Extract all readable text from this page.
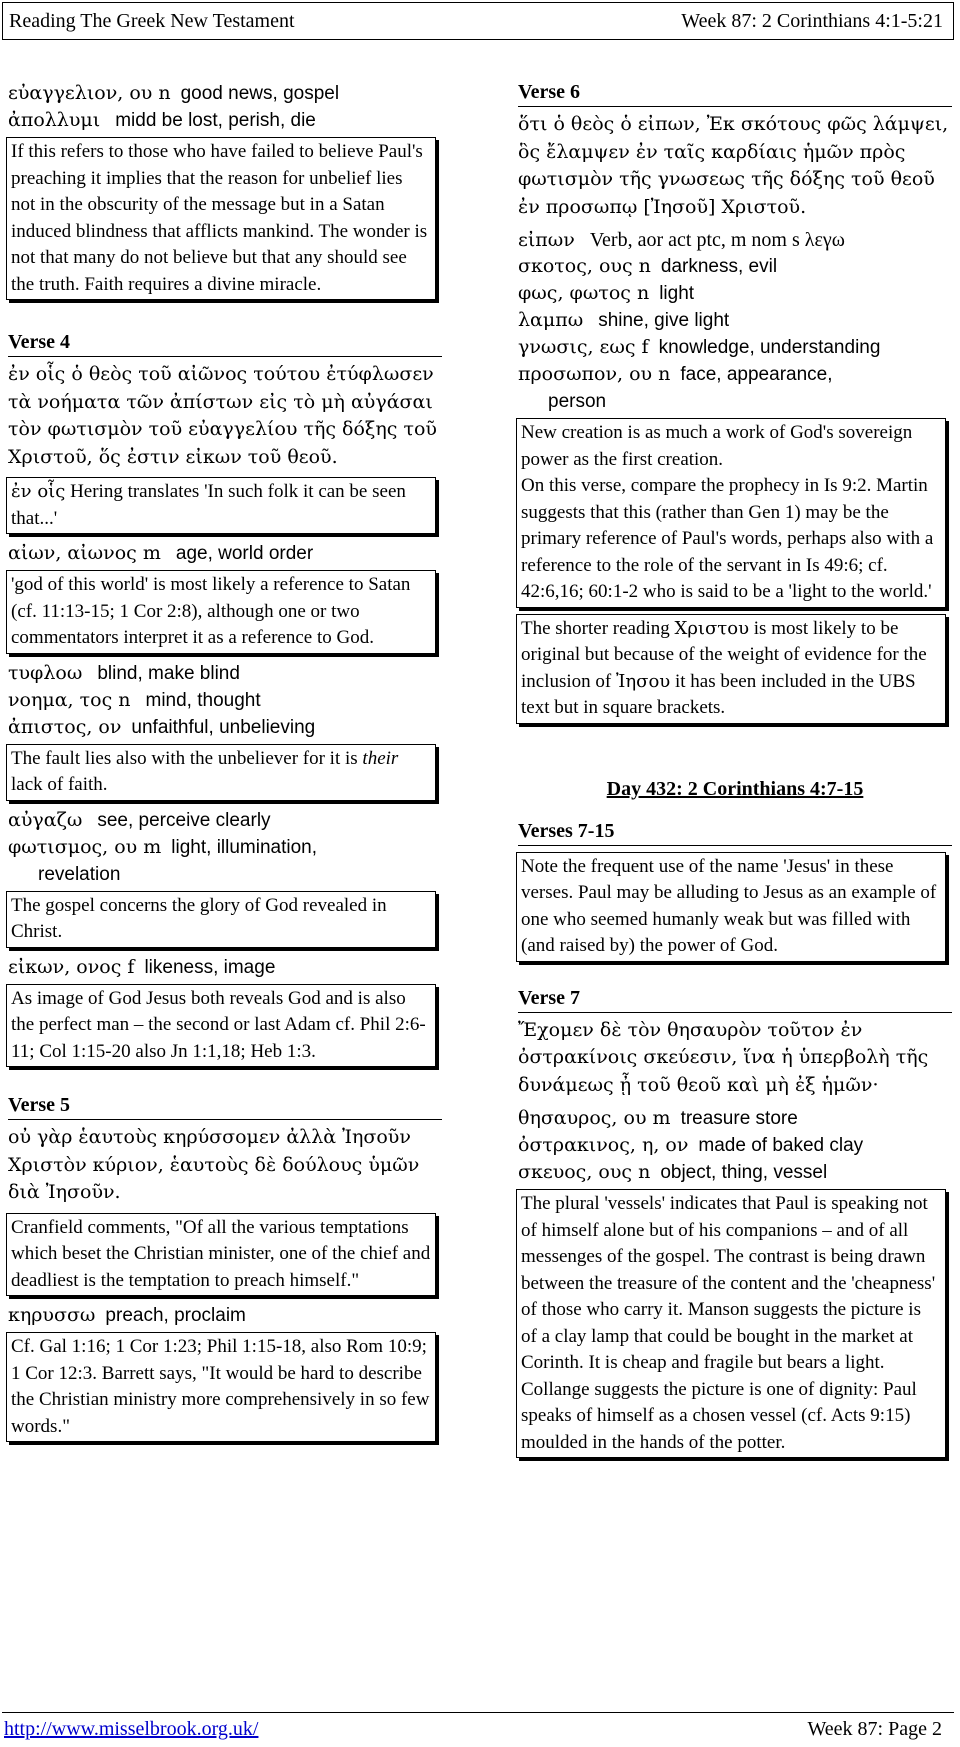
Reading The Greek New Testament	Week 87: 2 Corinthians 4:1-5:21

εὐαγγελιον, ου n good news, gospel

ἀπολλυμι midd be lost, perish, die

If this refers to those who have failed to believe Paul's preaching it implies that the reason for unbelief lies not in the obscurity of the message but in a Satan induced blindness that afflicts mankind. The wonder is not that many do not believe but that any should see the truth. Faith requires a divine miracle.
Verse 4
ἐν οἷς ὁ θεὸς τοῦ αἰῶνος τούτου ἐτύφλωσεν τὰ νοήματα τῶν ἀπίστων εἰς τὸ μὴ αὐγάσαι τὸν φωτισμὸν τοῦ εὐαγγελίου τῆς δόξης τοῦ Χριστοῦ, ὅς ἐστιν εἰκων τοῦ θεοῦ.
ἐν οἷς Hering translates 'In such folk it can be seen that...'

αἰων, αἰωνος m age, world order

'god of this world' is most likely a reference to Satan (cf. 11:13-15; 1 Cor 2:8), although one or two commentators interpret it as a reference to God.

τυφλοω blind, make blind

νοημα, τος n mind, thought

ἀπιστος, ον unfaithful, unbelieving

The fault lies also with the unbeliever for it is their lack of faith.

αὐγαζω see, perceive clearly

φωτισμος, ου m light, illumination,

revelation

The gospel concerns the glory of God revealed in Christ.

εἰκων, ονος f likeness, image

As image of God Jesus both reveals God and is also the perfect man – the second or last Adam cf. Phil 2:6-11; Col 1:15-20 also Jn 1:1,18; Heb 1:3.
Verse 5
οὐ γὰρ ἑαυτοὺς κηρύσσομεν ἀλλὰ Ἰησοῦν Χριστὸν κύριον, ἑαυτοὺς δὲ δούλους ὑμῶν διὰ Ἰησοῦν.
Cranfield comments, "Of all the various temptations which beset the Christian minister, one of the chief and deadliest is the temptation to preach himself."

κηρυσσω preach, proclaim

Cf. Gal 1:16; 1 Cor 1:23; Phil 1:15-18, also Rom 10:9; 1 Cor 12:3. Barrett says, "It would be hard to describe the Christian ministry more comprehensively in so few words."
Verse 6
ὅτι ὁ θεὸς ὁ εἰπων, Ἐκ σκότους φῶς λάμψει, ὃς ἔλαμψεν ἐν ταῖς καρδίαις ἡμῶν πρὸς φωτισμὸν τῆς γνωσεως τῆς δόξης τοῦ θεοῦ ἐν προσωπῳ [Ἰησοῦ] Χριστοῦ.

εἰπων Verb, aor act ptc, m nom s λεγω

σκοτος, ους n darkness, evil

φως, φωτος n light

λαμπω shine, give light

γνωσις, εως f knowledge, understanding

προσωπον, ου n face, appearance,

person

New creation is as much a work of God's sovereign power as the first creation.
On this verse, compare the prophecy in Is 9:2. Martin suggests that this (rather than Gen 1) may be the primary reference of Paul's words, perhaps also with a reference to the role of the servant in Is 49:6; cf. 42:6,16; 60:1-2 who is said to be a 'light to the world.'
The shorter reading Χριστου is most likely to be original but because of the weight of evidence for the inclusion of Ἰησου it has been included in the UBS text but in square brackets.
Day 432: 2 Corinthians 4:7-15
Verses 7-15
Note the frequent use of the name 'Jesus' in these verses. Paul may be alluding to Jesus as an example of one who seemed humanly weak but was filled with (and raised by) the power of God.
Verse 7
Ἔχομεν δὲ τὸν θησαυρὸν τοῦτον ἐν ὀστρακίνοις σκεύεσιν, ἵνα ἡ ὑπερβολὴ τῆς δυνάμεως ᾖ τοῦ θεοῦ καὶ μὴ ἐξ ἡμῶν·

θησαυρος, ου m treasure store

ὀστρακινος, η, ον made of baked clay

σκευος, ους n object, thing, vessel

The plural 'vessels' indicates that Paul is speaking not of himself alone but of his companions – and of all messenges of the gospel. The contrast is being drawn between the treasure of the content and the 'cheapness' of those who carry it. Manson suggests the picture is of a clay lamp that could be bought in the market at Corinth. It is cheap and fragile but bears a light. Collange suggests the picture is one of dignity: Paul speaks of himself as a chosen vessel (cf. Acts 9:15) moulded in the hands of the potter.
http://www.misselbrook.org.uk/	Week 87: Page 2
